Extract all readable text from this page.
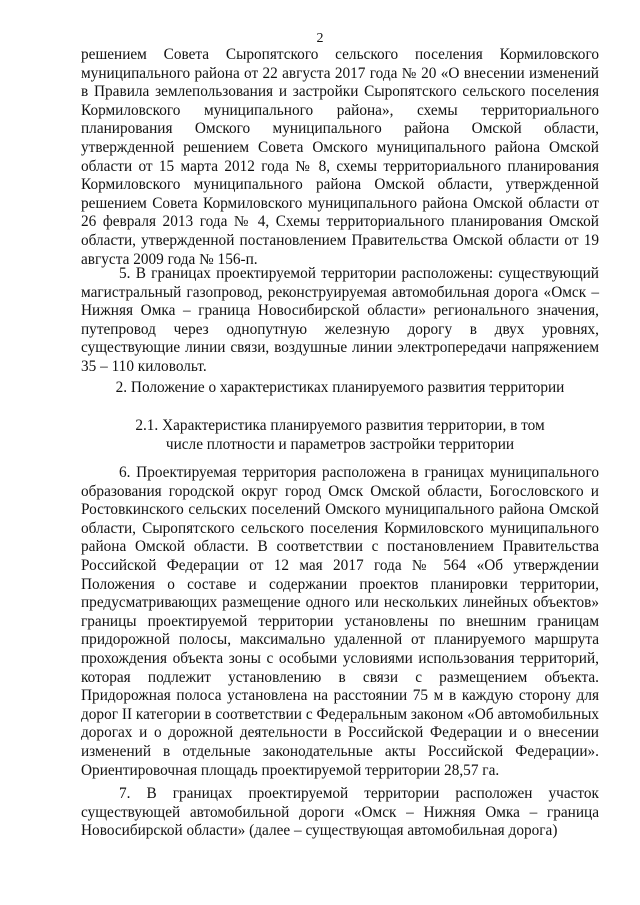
2

решением Совета Сыропятского сельского поселения Кормиловского муниципального района от 22 августа 2017 года № 20 «О внесении изменений в Правила землепользования и застройки Сыропятского сельского поселения Кормиловского муниципального района», схемы территориального планирования Омского муниципального района Омской области, утвержденной решением Совета Омского муниципального района Омской области от 15 марта 2012 года № 8, схемы территориального планирования Кормиловского муниципального района Омской области, утвержденной решением Совета Кормиловского муниципального района Омской области от 26 февраля 2013 года № 4, Схемы территориального планирования Омской области, утвержденной постановлением Правительства Омской области от 19 августа 2009 года № 156-п.

5. В границах проектируемой территории расположены: существующий магистральный газопровод, реконструируемая автомобильная дорога «Омск – Нижняя Омка – граница Новосибирской области» регионального значения, путепровод через однопутную железную дорогу в двух уровнях, существующие линии связи, воздушные линии электропередачи напряжением 35 – 110 киловольт.

2. Положение о характеристиках планируемого развития территории

2.1. Характеристика планируемого развития территории, в том числе плотности и параметров застройки территории

6. Проектируемая территория расположена в границах муниципального образования городской округ город Омск Омской области, Богословского и Ростовкинского сельских поселений Омского муниципального района Омской области, Сыропятского сельского поселения Кормиловского муниципального района Омской области. В соответствии с постановлением Правительства Российской Федерации от 12 мая 2017 года № 564 «Об утверждении Положения о составе и содержании проектов планировки территории, предусматривающих размещение одного или нескольких линейных объектов» границы проектируемой территории установлены по внешним границам придорожной полосы, максимально удаленной от планируемого маршрута прохождения объекта зоны с особыми условиями использования территорий, которая подлежит установлению в связи с размещением объекта. Придорожная полоса установлена на расстоянии 75 м в каждую сторону для дорог II категории в соответствии с Федеральным законом «Об автомобильных дорогах и о дорожной деятельности в Российской Федерации и о внесении изменений в отдельные законодательные акты Российской Федерации». Ориентировочная площадь проектируемой территории 28,57 га.

7. В границах проектируемой территории расположен участок существующей автомобильной дороги «Омск – Нижняя Омка – граница Новосибирской области» (далее – существующая автомобильная дорога)
